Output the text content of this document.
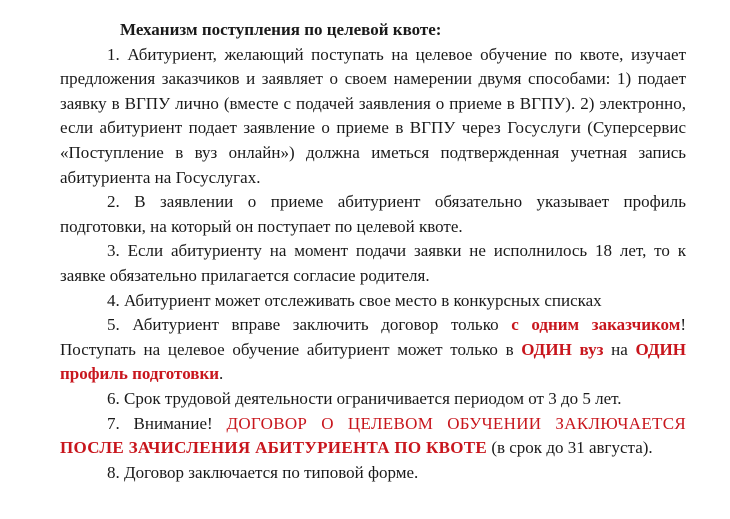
Механизм поступления по целевой квоте:

1. Абитуриент, желающий поступать на целевое обучение по квоте, изучает предложения заказчиков и заявляет о своем намерении двумя способами: 1) подает заявку в ВГПУ лично (вместе с подачей заявления о приеме в ВГПУ). 2) электронно, если абитуриент подает заявление о приеме в ВГПУ через Госуслуги (Суперсервис «Поступление в вуз онлайн») должна иметься подтвержденная учетная запись абитуриента на Госуслугах.

2. В заявлении о приеме абитуриент обязательно указывает профиль подготовки, на который он поступает по целевой квоте.

3. Если абитуриенту на момент подачи заявки не исполнилось 18 лет, то к заявке обязательно прилагается согласие родителя.

4. Абитуриент может отслеживать свое место в конкурсных списках

5. Абитуриент вправе заключить договор только с одним заказчиком! Поступать на целевое обучение абитуриент может только в ОДИН вуз на ОДИН профиль подготовки.

6. Срок трудовой деятельности ограничивается периодом от 3 до 5 лет.

7. Внимание! ДОГОВОР О ЦЕЛЕВОМ ОБУЧЕНИИ ЗАКЛЮЧАЕТСЯ ПОСЛЕ ЗАЧИСЛЕНИЯ АБИТУРИЕНТА ПО КВОТЕ (в срок до 31 августа).

8. Договор заключается по типовой форме.
